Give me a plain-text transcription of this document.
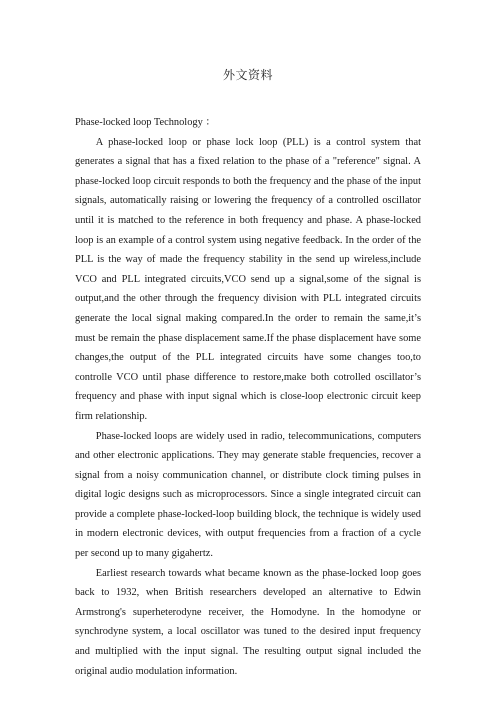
外文资料

Phase-locked loop Technology ：

A phase-locked loop or phase lock loop (PLL) is a control system that generates a signal that has a fixed relation to the phase of a "reference" signal. A phase-locked loop circuit responds to both the frequency and the phase of the input signals, automatically raising or lowering the frequency of a controlled oscillator until it is matched to the reference in both frequency and phase. A phase-locked loop is an example of a control system using negative feedback. In the order of the PLL is the way of made the frequency stability in the send up wireless,include VCO and PLL integrated circuits,VCO send up a signal,some of the signal is output,and the other through the frequency division with PLL integrated circuits generate the local signal making compared.In the order to remain the same,it’s must be remain the phase displacement same.If the phase displacement have some changes,the output of the PLL integrated circuits have some changes too,to controlle VCO until phase difference to restore,make both cotrolled oscillator’s frequency and phase with input signal which is close-loop electronic circuit keep firm relationship.

Phase-locked loops are widely used in radio, telecommunications, computers and other electronic applications. They may generate stable frequencies, recover a signal from a noisy communication channel, or distribute clock timing pulses in digital logic designs such as microprocessors. Since a single integrated circuit can provide a complete phase-locked-loop building block, the technique is widely used in modern electronic devices, with output frequencies from a fraction of a cycle per second up to many gigahertz.

Earliest research towards what became known as the phase-locked loop goes back to 1932, when British researchers developed an alternative to Edwin Armstrong's superheterodyne receiver, the Homodyne. In the homodyne or synchrodyne system, a local oscillator was tuned to the desired input frequency and multiplied with the input signal. The resulting output signal included the original audio modulation information.
